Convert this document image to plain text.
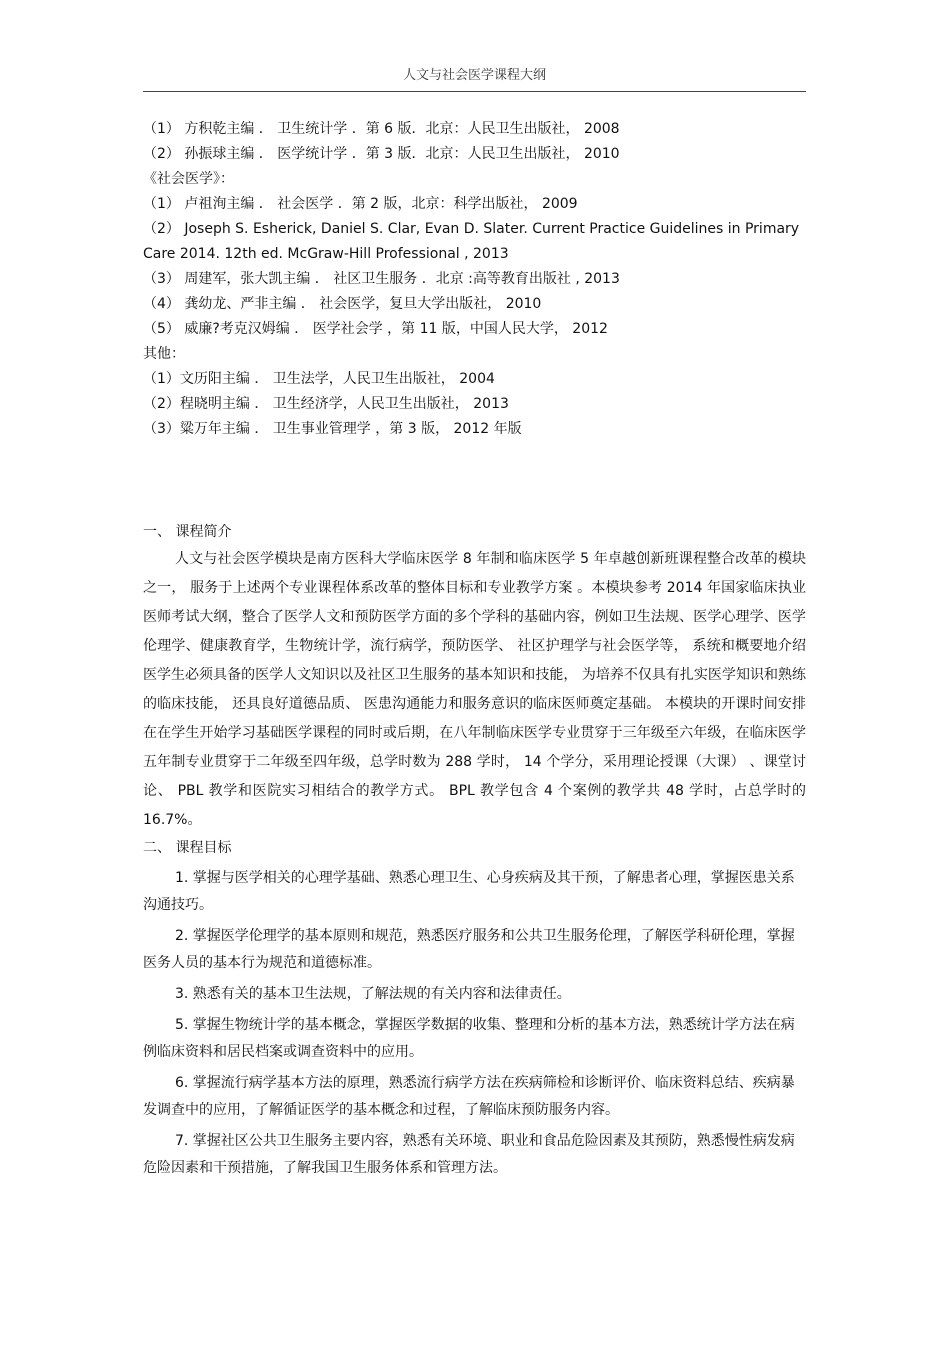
人文与社会医学课程大纲
（1） 方积乾主编 ． 卫生统计学 ．第 6 版．北京：人民卫生出版社， 2008
（2） 孙振球主编 ． 医学统计学 ．第 3 版．北京：人民卫生出版社， 2010
《社会医学》：
（1） 卢祖洵主编 ． 社会医学 ．第 2 版，北京：科学出版社， 2009
（2） Joseph S. Esherick, Daniel S. Clar, Evan D. Slater. Current Practice Guidelines in Primary Care 2014. 12th ed. McGraw-Hill Professional , 2013
（3） 周建军，张大凯主编 ． 社区卫生服务 ．北京 :高等教育出版社 , 2013
（4） 龚幼龙、严非主编 ． 社会医学，复旦大学出版社， 2010
（5） 威廉?考克汉姆编 ． 医学社会学 ，第 11 版，中国人民大学， 2012
其他：
（1）文历阳主编 ． 卫生法学，人民卫生出版社， 2004
（2）程晓明主编 ． 卫生经济学，人民卫生出版社， 2013
（3）粱万年主编 ． 卫生事业管理学 ，第 3 版， 2012 年版

一、 课程简介

人文与社会医学模块是南方医科大学临床医学 8 年制和临床医学 5 年卓越创新班课程整合改革的模块之一， 服务于上述两个专业课程体系改革的整体目标和专业教学方案 。本模块参考 2014 年国家临床执业医师考试大纲，整合了医学人文和预防医学方面的多个学科的基础内容，例如卫生法规、医学心理学、医学伦理学、健康教育学，生物统计学，流行病学，预防医学、 社区护理学与社会医学等， 系统和概要地介绍医学生必须具备的医学人文知识以及社区卫生服务的基本知识和技能， 为培养不仅具有扎实医学知识和熟练的临床技能， 还具良好道德品质、 医患沟通能力和服务意识的临床医师奠定基础。 本模块的开课时间安排在在学生开始学习基础医学课程的同时或后期，在八年制临床医学专业贯穿于三年级至六年级，在临床医学五年制专业贯穿于二年级至四年级，总学时数为 288 学时， 14 个学分，采用理论授课（大课） 、课堂讨论、 PBL 教学和医院实习相结合的教学方式。 BPL 教学包含 4 个案例的教学共 48 学时，占总学时的 16.7%。

二、 课程目标

1. 掌握与医学相关的心理学基础、熟悉心理卫生、心身疾病及其干预，了解患者心理，掌握医患关系沟通技巧。

2. 掌握医学伦理学的基本原则和规范，熟悉医疗服务和公共卫生服务伦理，了解医学科研伦理，掌握医务人员的基本行为规范和道德标准。

3. 熟悉有关的基本卫生法规，了解法规的有关内容和法律责任。

5. 掌握生物统计学的基本概念，掌握医学数据的收集、整理和分析的基本方法，熟悉统计学方法在病例临床资料和居民档案或调查资料中的应用。

6. 掌握流行病学基本方法的原理，熟悉流行病学方法在疾病筛检和诊断评价、临床资料总结、疾病暴发调查中的应用，了解循证医学的基本概念和过程，了解临床预防服务内容。

7. 掌握社区公共卫生服务主要内容，熟悉有关环境、职业和食品危险因素及其预防，熟悉慢性病发病危险因素和干预措施，了解我国卫生服务体系和管理方法。
